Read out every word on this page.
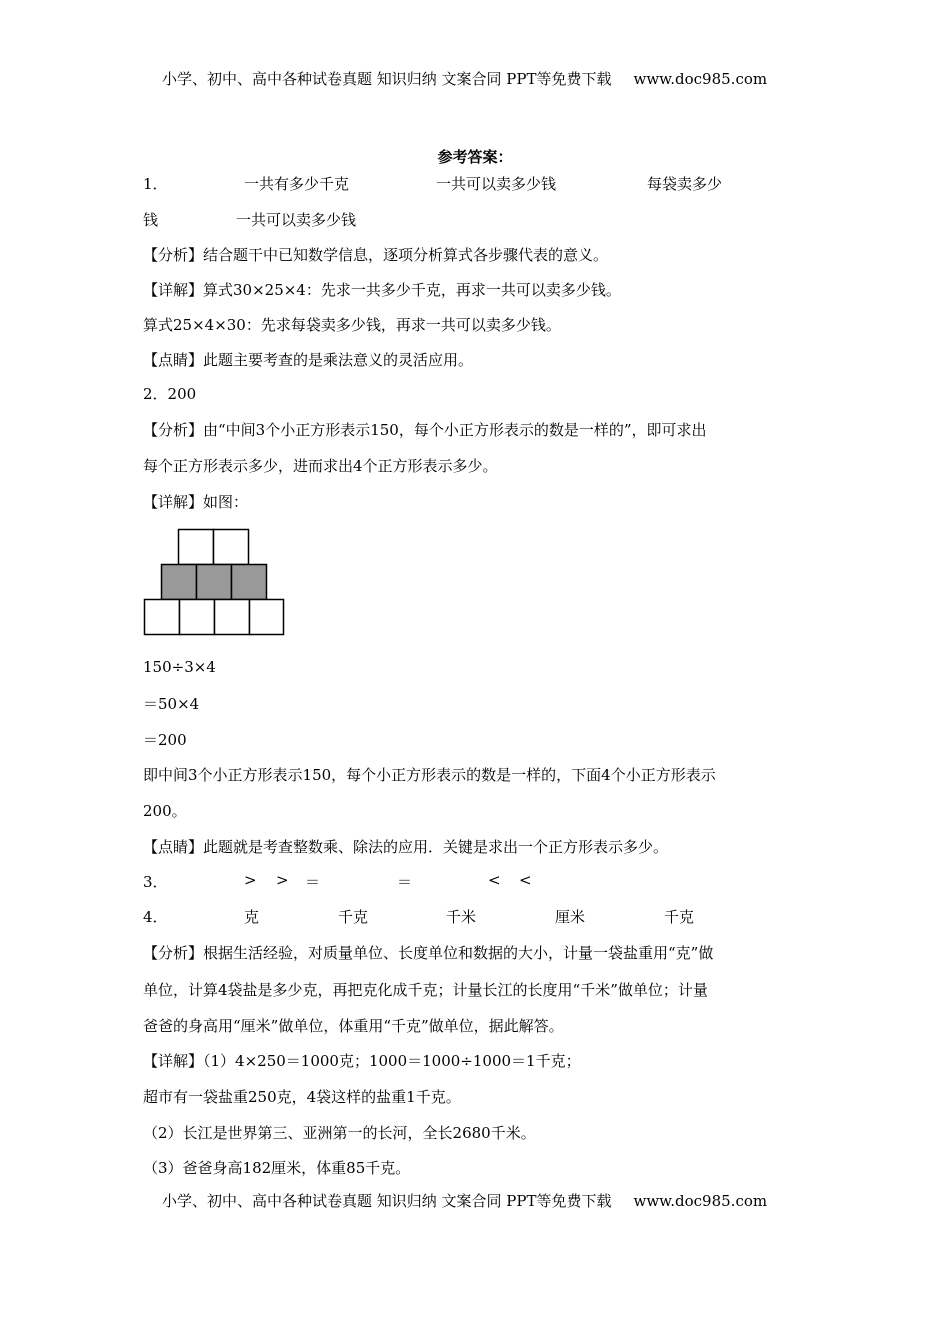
小学、初中、高中各种试卷真题 知识归纳 文案合同 PPT等免费下载 www.doc985.com
参考答案：
1．	一共有多少千克	一共可以卖多少钱	每袋卖多少
钱	一共可以卖多少钱
【分析】结合题干中已知数学信息，逐项分析算式各步骤代表的意义。
【详解】算式30×25×4：先求一共多少千克，再求一共可以卖多少钱。
算式25×4×30：先求每袋卖多少钱，再求一共可以卖多少钱。
【点睛】此题主要考查的是乘法意义的灵活应用。
2．200
【分析】由“中间3个小正方形表示150，每个小正方形表示的数是一样的”，即可求出
每个正方形表示多少，进而求出4个正方形表示多少。
【详解】如图：
150÷3×4
＝50×4
＝200
即中间3个小正方形表示150，每个小正方形表示的数是一样的，下面4个小正方形表示
200。
【点睛】此题就是考查整数乘、除法的应用．关键是求出一个正方形表示多少。
3．	> > ＝	＝	< <
4．	克	千克	千米	厘米	千克
【分析】根据生活经验，对质量单位、长度单位和数据的大小，计量一袋盐重用“克”做
单位，计算4袋盐是多少克，再把克化成千克；计量长江的长度用“千米”做单位；计量
爸爸的身高用“厘米”做单位，体重用“千克”做单位，据此解答。
【详解】（1）4×250＝1000克；1000＝1000÷1000＝1千克；
超市有一袋盐重250克，4袋这样的盐重1千克。
（2）长江是世界第三、亚洲第一的长河，全长2680千米。
（3）爸爸身高182厘米，体重85千克。
小学、初中、高中各种试卷真题 知识归纳 文案合同 PPT等免费下载 www.doc985.com
